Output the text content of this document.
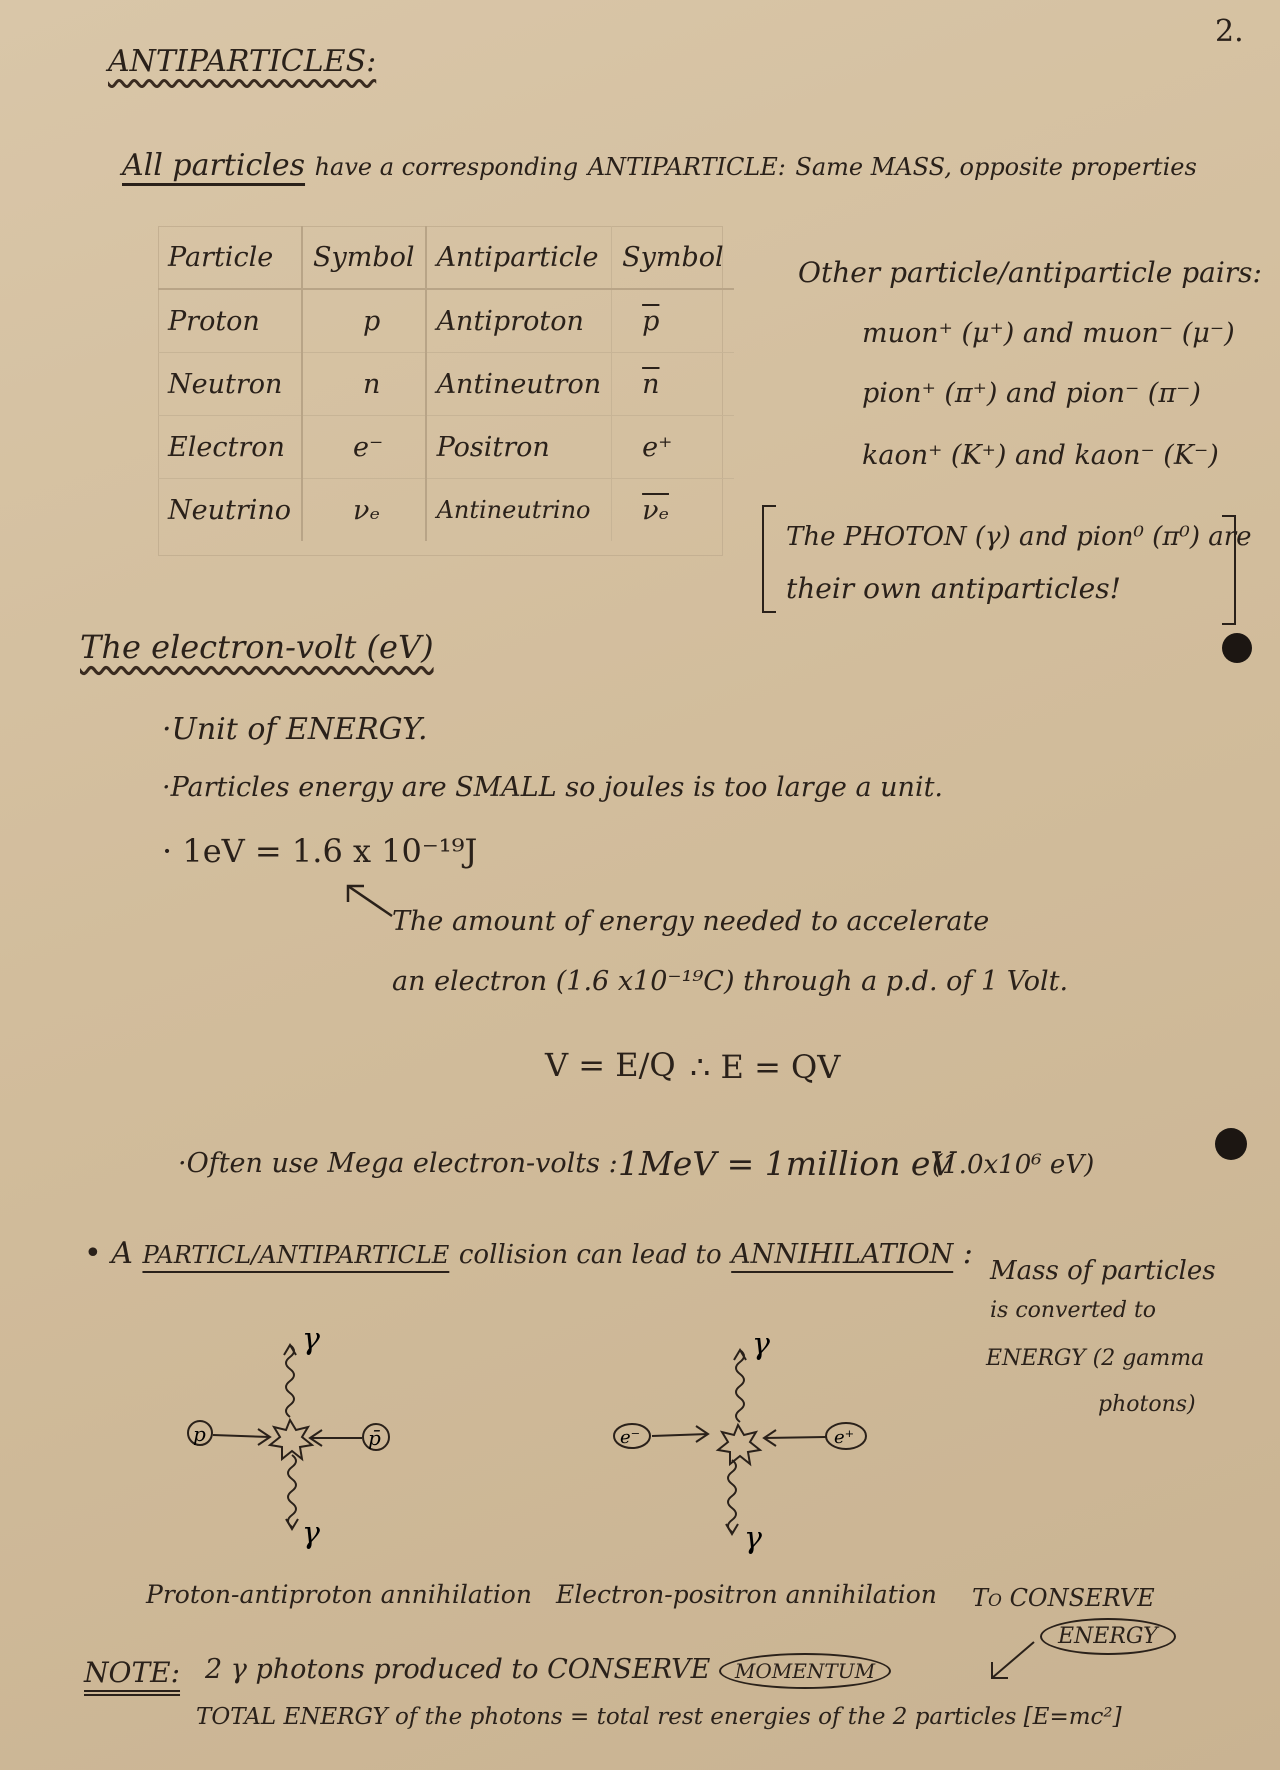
2.
ANTIPARTICLES:
All particles have a corresponding ANTIPARTICLE: Same MASS, opposite properties
Particle	Symbol	Antiparticle	Symbol
Proton	p	Antiproton	$\overline{p}$
Neutron	n	Antineutron	$\overline{n}$
Electron	e⁻	Positron	e⁺
Neutrino	νₑ	Antineutrino	$\overline{\nu_e}$
Other particle/antiparticle pairs:
muon⁺ (μ⁺) and muon⁻ (μ⁻)
pion⁺ (π⁺) and pion⁻ (π⁻)
kaon⁺ (K⁺) and kaon⁻ (K⁻)
The PHOTON (γ) and pion⁰ (π⁰) are
their own antiparticles!
The electron-volt (eV)
·Unit of ENERGY.
·Particles energy are SMALL so joules is too large a unit.
· 1eV = 1.6 x 10⁻¹⁹J
The amount of energy needed to accelerate
an electron (1.6 x10⁻¹⁹C) through a p.d. of 1 Volt.
V = E/Q ∴ E = QV
·Often use Mega electron-volts : 1MeV = 1million eV
(1.0x10⁶ eV)
• A PARTICL/ANTIPARTICLE collision can lead to ANNIHILATION : Mass of particles
is converted to
ENERGY (2 gamma
photons)
γ
γ
p	p̄
Proton-antiproton annihilation
γ
γ
e⁻	e⁺
Electron-positron annihilation To CONSERVE
ENERGY
NOTE: 2 γ photons produced to CONSERVE MOMENTUM
TOTAL ENERGY of the photons = total rest energies of the 2 particles [E=mc²]
